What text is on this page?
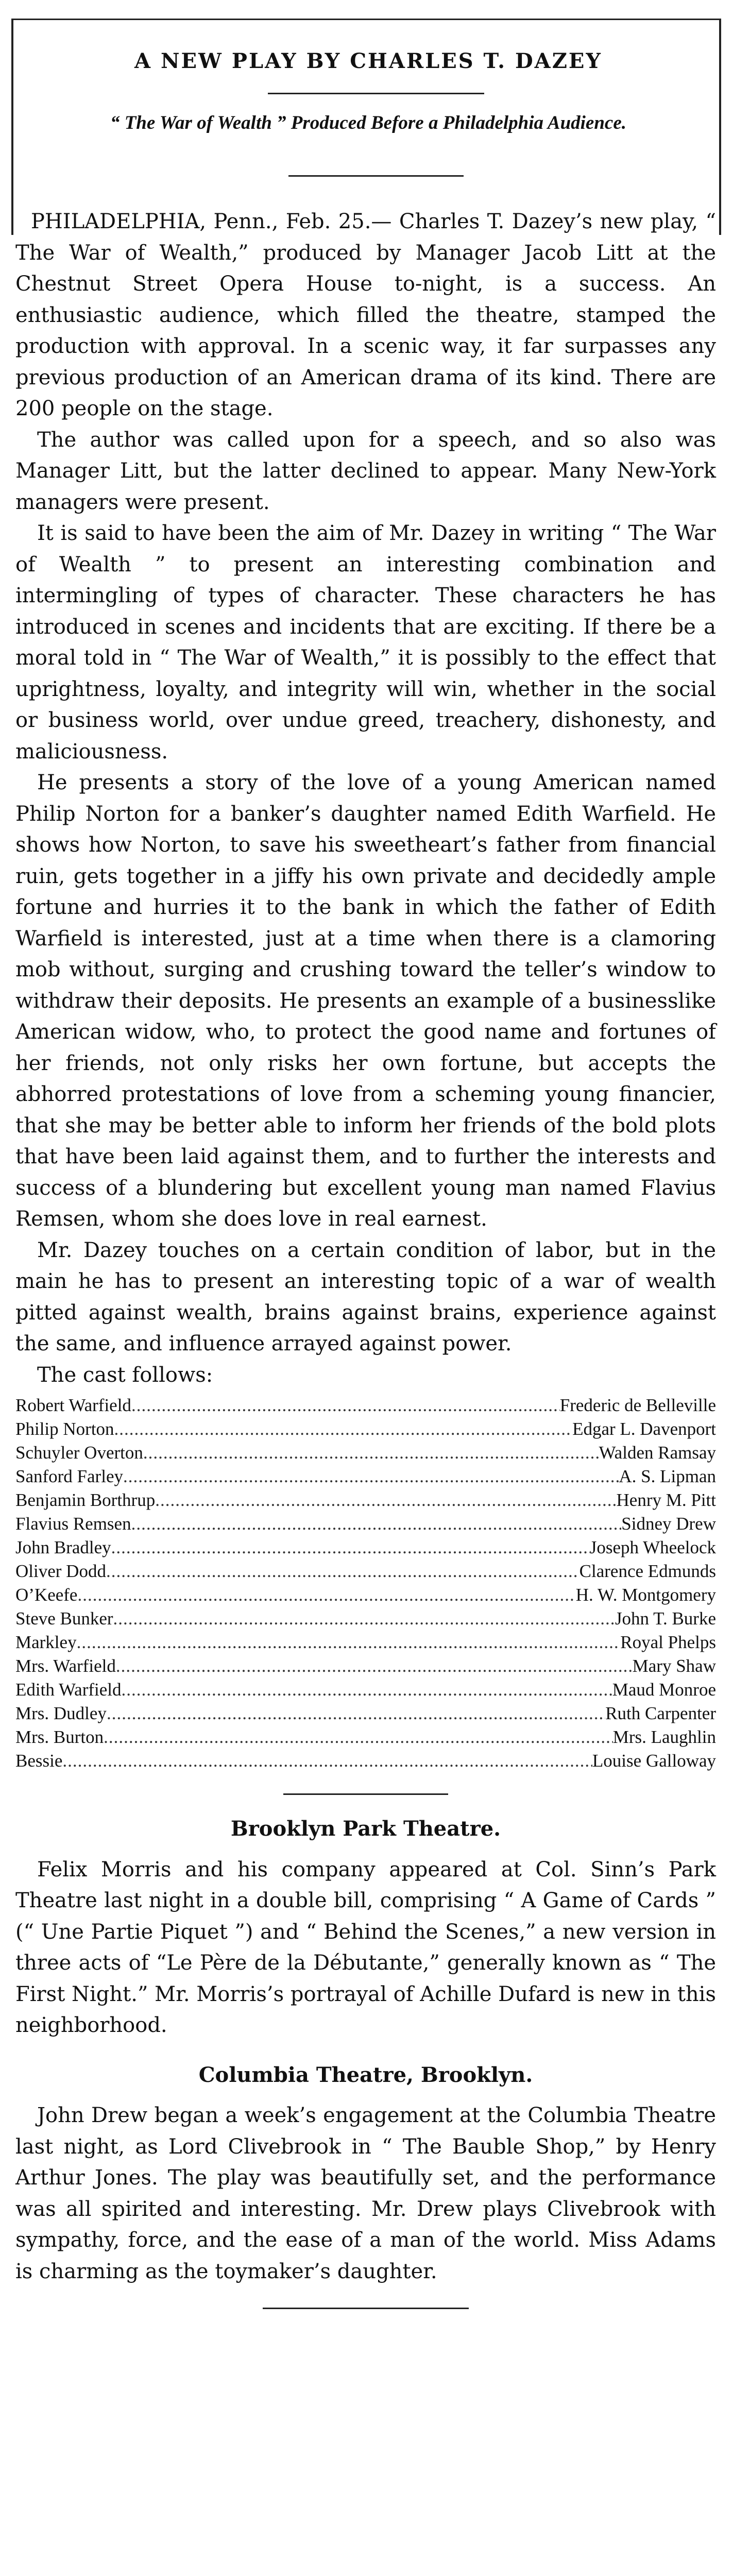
A NEW PLAY BY CHARLES T. DAZEY
“ The War of Wealth ” Produced Before a Philadelphia Audience.

PHILADELPHIA, Penn., Feb. 25.— Charles T. Dazey’s new play, “ The War of Wealth,” produced by Manager Jacob Litt at the Chestnut Street Opera House to-night, is a success. An enthusiastic audience, which filled the theatre, stamped the production with approval. In a scenic way, it far surpasses any previous production of an American drama of its kind. There are 200 people on the stage.

The author was called upon for a speech, and so also was Manager Litt, but the latter declined to appear. Many New-York managers were present.

It is said to have been the aim of Mr. Dazey in writing “ The War of Wealth ” to present an interesting combination and intermingling of types of character. These characters he has introduced in scenes and incidents that are exciting. If there be a moral told in “ The War of Wealth,” it is possibly to the effect that uprightness, loyalty, and integrity will win, whether in the social or business world, over undue greed, treachery, dishonesty, and maliciousness.

He presents a story of the love of a young American named Philip Norton for a banker’s daughter named Edith Warfield. He shows how Norton, to save his sweetheart’s father from financial ruin, gets together in a jiffy his own private and decidedly ample fortune and hurries it to the bank in which the father of Edith Warfield is interested, just at a time when there is a clamoring mob without, surging and crushing toward the teller’s window to withdraw their deposits. He presents an example of a businesslike American widow, who, to protect the good name and fortunes of her friends, not only risks her own fortune, but accepts the abhorred protestations of love from a scheming young financier, that she may be better able to inform her friends of the bold plots that have been laid against them, and to further the interests and success of a blundering but excellent young man named Flavius Remsen, whom she does love in real earnest.

Mr. Dazey touches on a certain condition of labor, but in the main he has to present an interesting topic of a war of wealth pitted against wealth, brains against brains, experience against the same, and influence arrayed against power.

The cast follows:

Robert Warfield .....	Frederic de Belleville
Philip Norton .....	Edgar L. Davenport
Schuyler Overton .....	Walden Ramsay
Sanford Farley .....	A. S. Lipman
Benjamin Borthrup .....	Henry M. Pitt
Flavius Remsen .....	Sidney Drew
John Bradley .....	Joseph Wheelock
Oliver Dodd .....	Clarence Edmunds
O’Keefe .....	H. W. Montgomery
Steve Bunker .....	John T. Burke
Markley .....	Royal Phelps
Mrs. Warfield .....	Mary Shaw
Edith Warfield .....	Maud Monroe
Mrs. Dudley .....	Ruth Carpenter
Mrs. Burton .....	Mrs. Laughlin
Bessie .....	Louise Galloway
Brooklyn Park Theatre.

Felix Morris and his company appeared at Col. Sinn’s Park Theatre last night in a double bill, comprising “ A Game of Cards ” (“ Une Partie Piquet ”) and “ Behind the Scenes,” a new version in three acts of “Le Père de la Débutante,” generally known as “ The First Night.” Mr. Morris’s portrayal of Achille Dufard is new in this neighborhood.

Columbia Theatre, Brooklyn.

John Drew began a week’s engagement at the Columbia Theatre last night, as Lord Clivebrook in “ The Bauble Shop,” by Henry Arthur Jones. The play was beautifully set, and the performance was all spirited and interesting. Mr. Drew plays Clivebrook with sympathy, force, and the ease of a man of the world. Miss Adams is charming as the toymaker’s daughter.
